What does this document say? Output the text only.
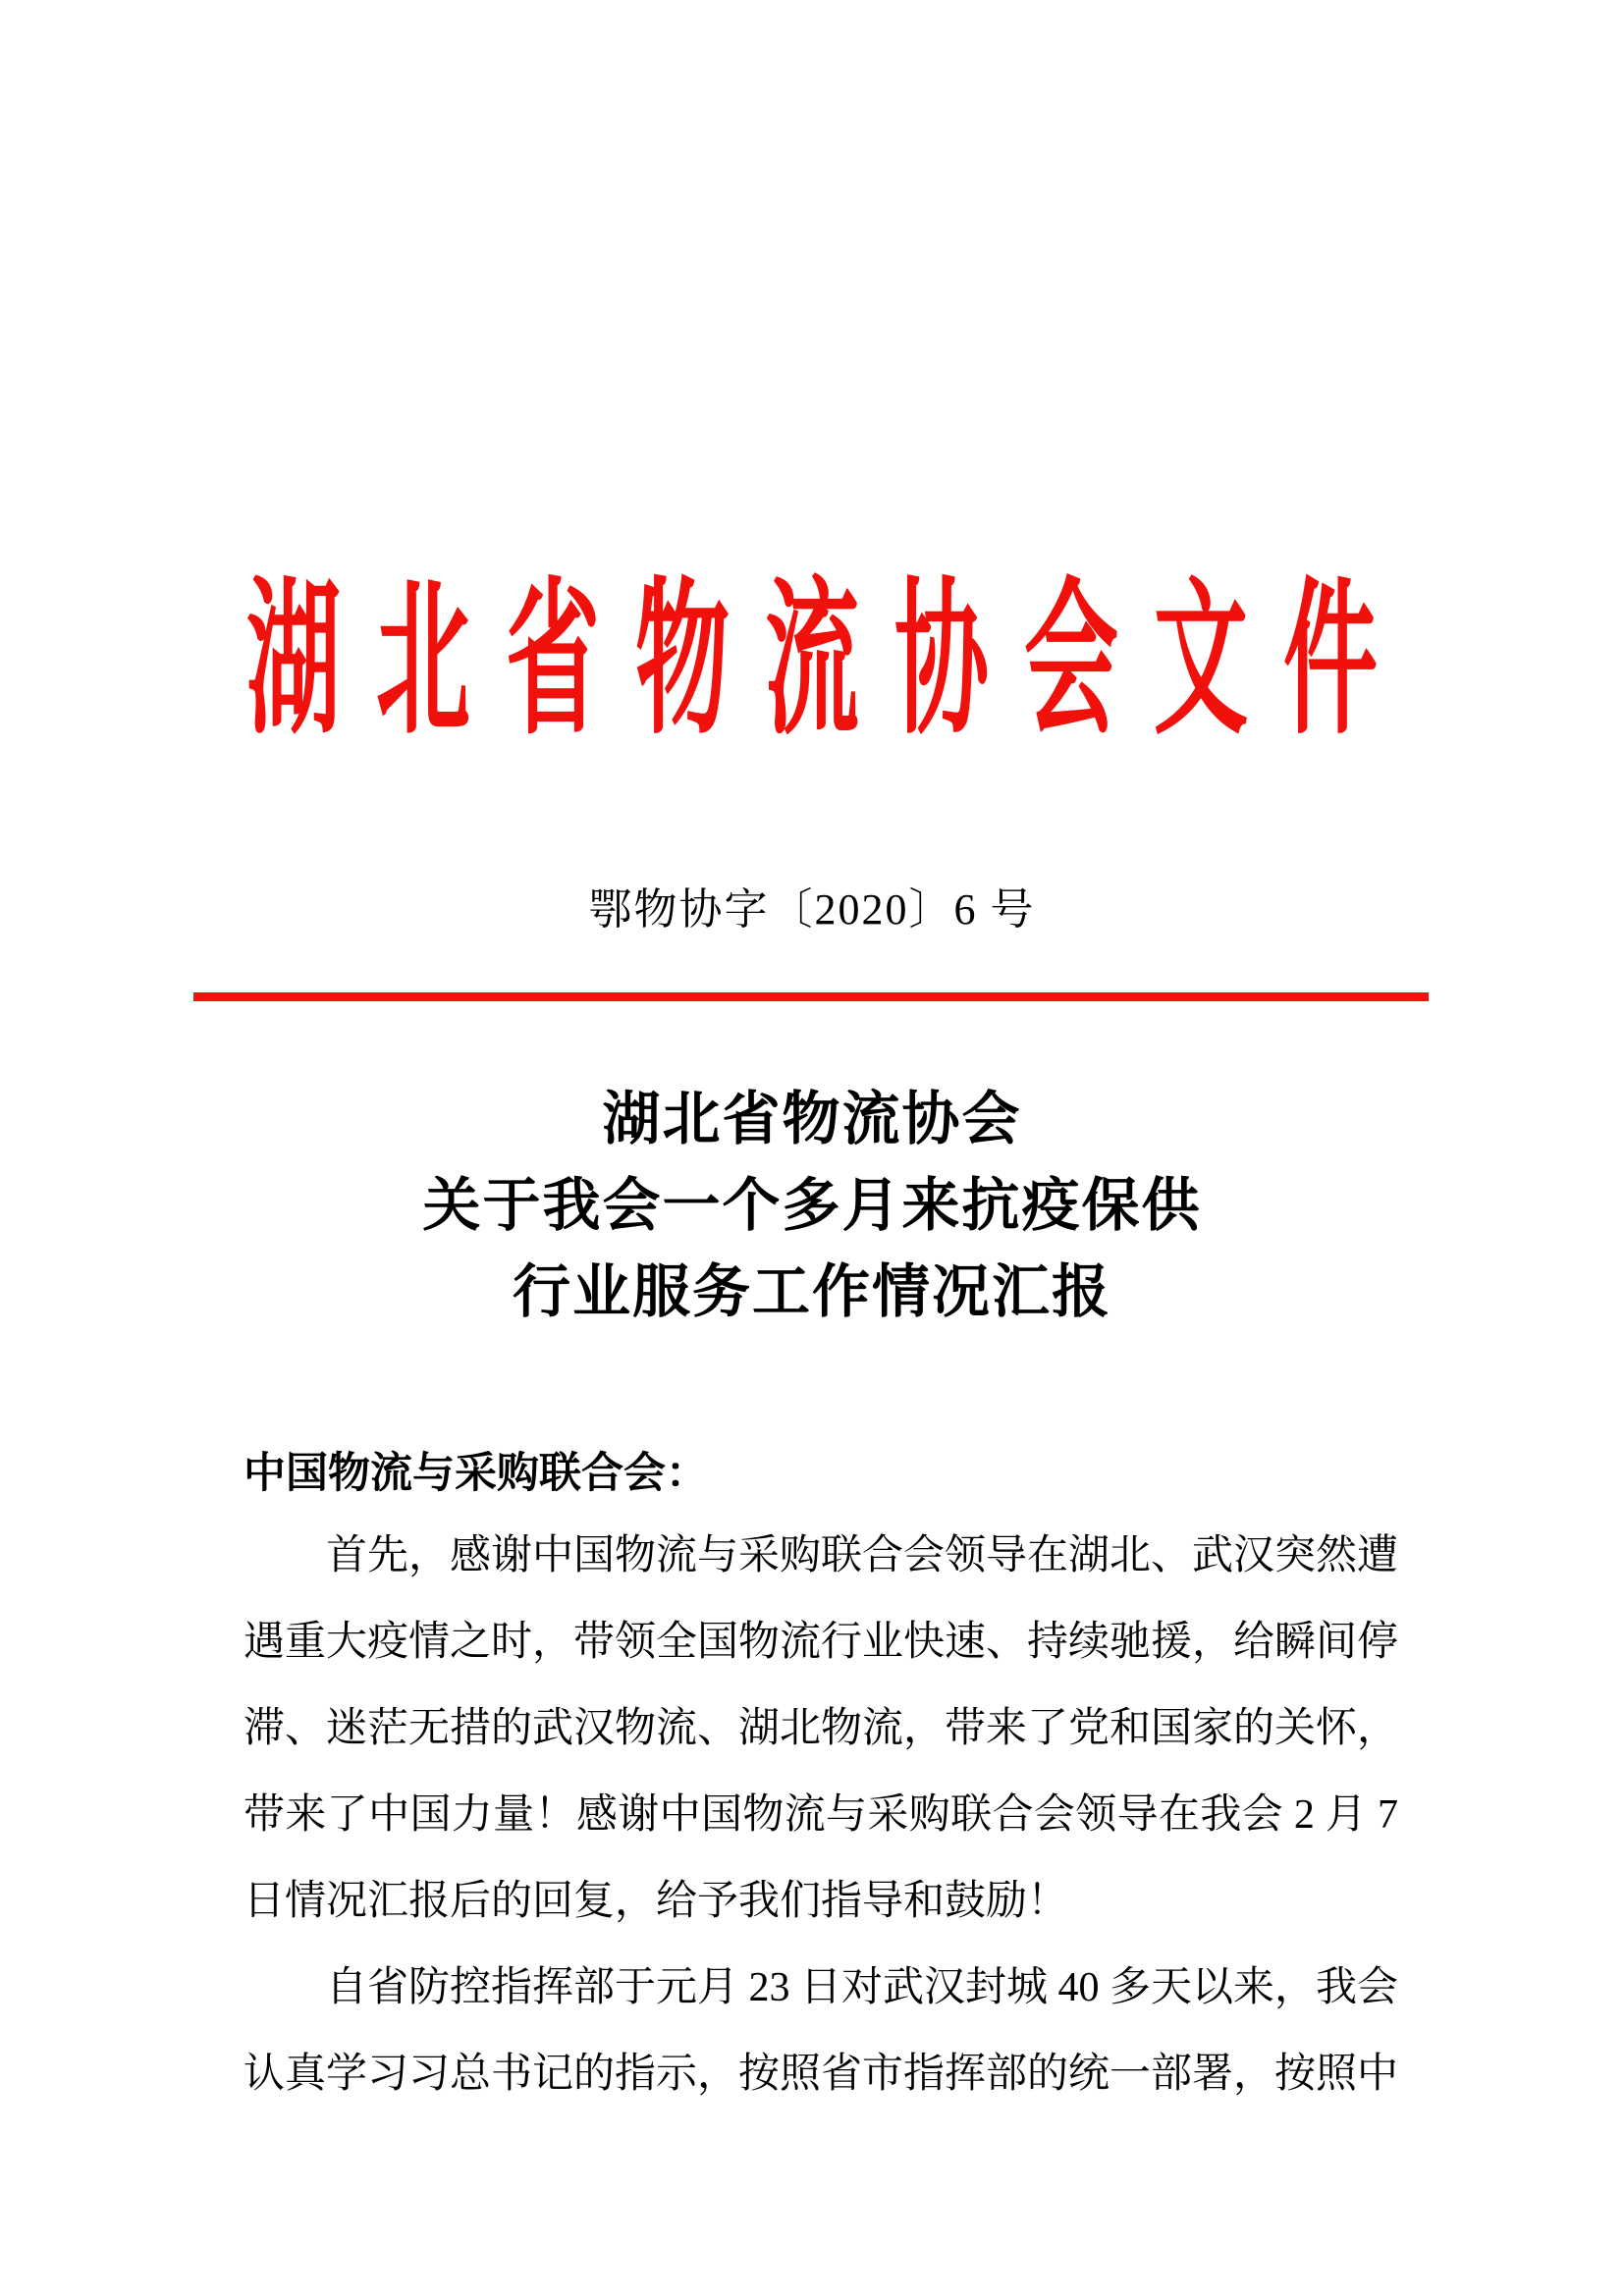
湖北省物流协会文件
鄂物协字〔2020〕6 号
湖北省物流协会
关于我会一个多月来抗疫保供
行业服务工作情况汇报
中国物流与采购联合会：
首先，感谢中国物流与采购联合会领导在湖北、武汉突然遭
遇重大疫情之时，带领全国物流行业快速、持续驰援，给瞬间停
滞、迷茫无措的武汉物流、湖北物流，带来了党和国家的关怀，
带来了中国力量！感谢中国物流与采购联合会领导在我会 2 月 7
日情况汇报后的回复，给予我们指导和鼓励！
自省防控指挥部于元月 23 日对武汉封城 40 多天以来，我会
认真学习习总书记的指示，按照省市指挥部的统一部署，按照中
